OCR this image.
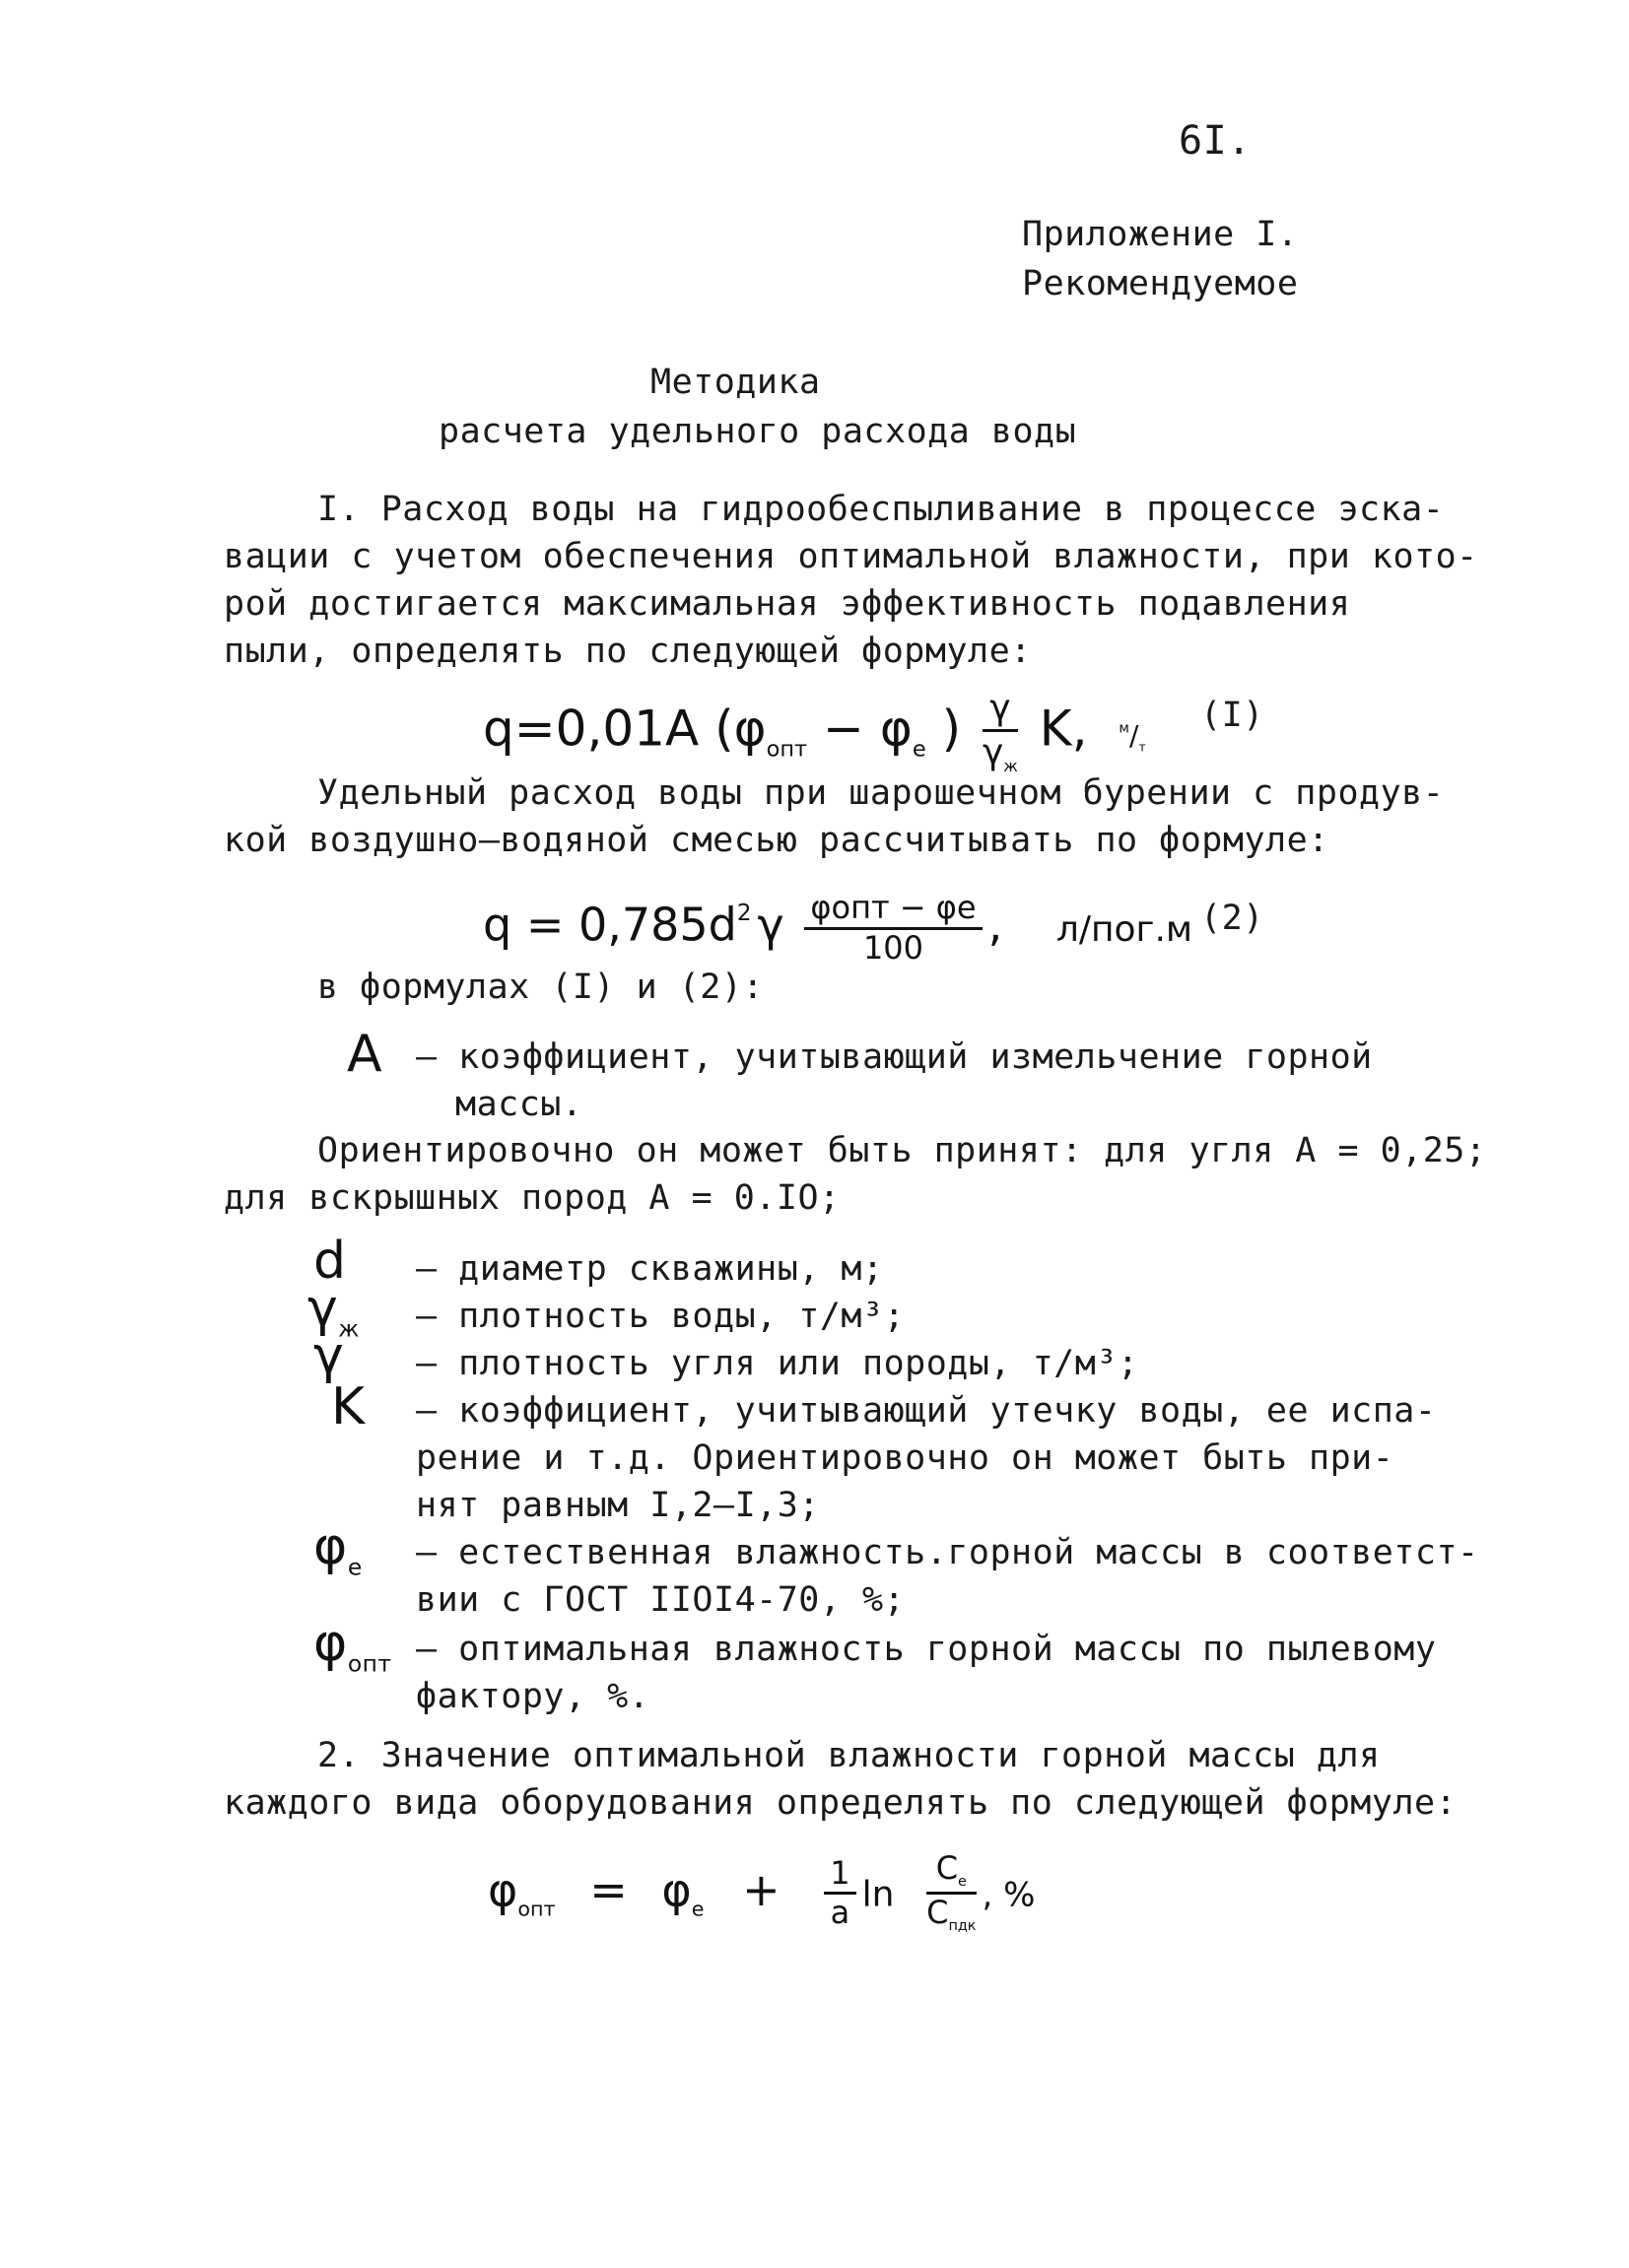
6I.
Приложение I.
Рекомендуемое
Методика
расчета удельного расхода воды
I. Расход воды на гидрообеспыливание в процессе эска-
вации с учетом обеспечения оптимальной влажности, при кото-
рой достигается максимальная эффективность подавления
пыли, определять по следующей формуле:
q=0,01A ($\varphi_{опт} - \varphi_e$ ) $\frac{\gamma}{\gamma_ж} K$, $^м/_т$
(I)
Удельный расход воды при шарошечном бурении с продув-
кой воздушно–водяной смесью рассчитывать по формуле:
$q = 0,785d^2$ γ $\frac{\text{φопт − φe}}{100}$ , л/пог.м (2)
в формулах (I) и (2):
A – коэффициент, учитывающий измельчение горной
массы.
Ориентировочно он может быть принят: для угля A = 0,25;
для вскрышных пород A = 0.IO;
d – диаметр скважины, м;
$\gamma_ж$ – плотность воды, т/м³;
γ – плотность угля или породы, т/м³;
K – коэффициент, учитывающий утечку воды, ее испа-
рение и т.д. Ориентировочно он может быть при-
нят равным I,2–I,3;
$\varphi_e$ – естественная влажность.горной массы в соответст-
вии с ГОСТ IIOI4-70, %;
$\varphi_{опт}$ – оптимальная влажность горной массы по пылевому
фактору, %.
2. Значение оптимальной влажности горной массы для
каждого вида оборудования определять по следующей формуле:
$\varphi_{опт} = \varphi_e + \frac{1}{a}$ $\ln \frac{C_e}{C_{пдк}}$ , %
